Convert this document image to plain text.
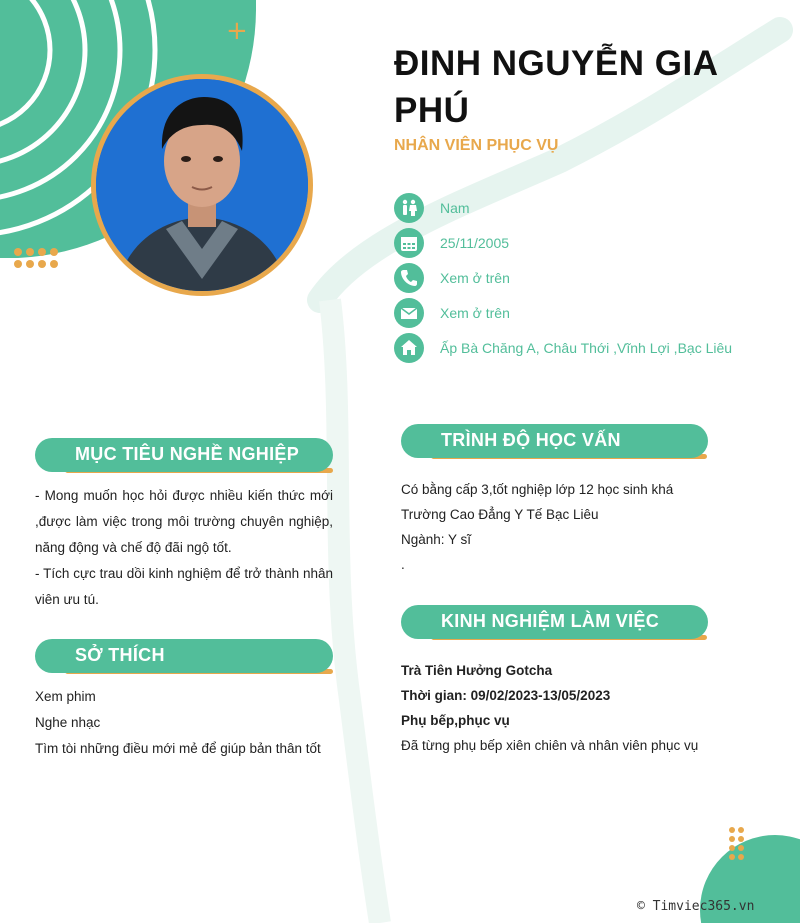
+
ĐINH NGUYỄN GIA PHÚ
NHÂN VIÊN PHỤC VỤ
Nam
25/11/2005
Xem ở trên
Xem ở trên
Ấp Bà Chăng A, Châu Thới ,Vĩnh Lợi ,Bạc Liêu
MỤC TIÊU NGHỀ NGHIỆP
- Mong muốn học hỏi được nhiều kiến thức mới ,được làm việc trong môi trường chuyên nghiệp, năng động và chế độ đãi ngộ tốt.
- Tích cực trau dồi kinh nghiệm để trở thành nhân viên ưu tú.
SỞ THÍCH
Xem phim
Nghe nhạc
Tìm tòi những điều mới mẻ để giúp bản thân tốt
TRÌNH ĐỘ HỌC VẤN
Có bằng cấp 3,tốt nghiệp lớp 12 học sinh khá
Trường Cao Đẳng Y Tế Bạc Liêu
Ngành: Y sĩ
.
KINH NGHIỆM LÀM VIỆC
Trà Tiên Hưởng Gotcha
Thời gian: 09/02/2023-13/05/2023
Phụ bếp,phục vụ
Đã từng phụ bếp xiên chiên và nhân viên phục vụ
© Timviec365.vn
